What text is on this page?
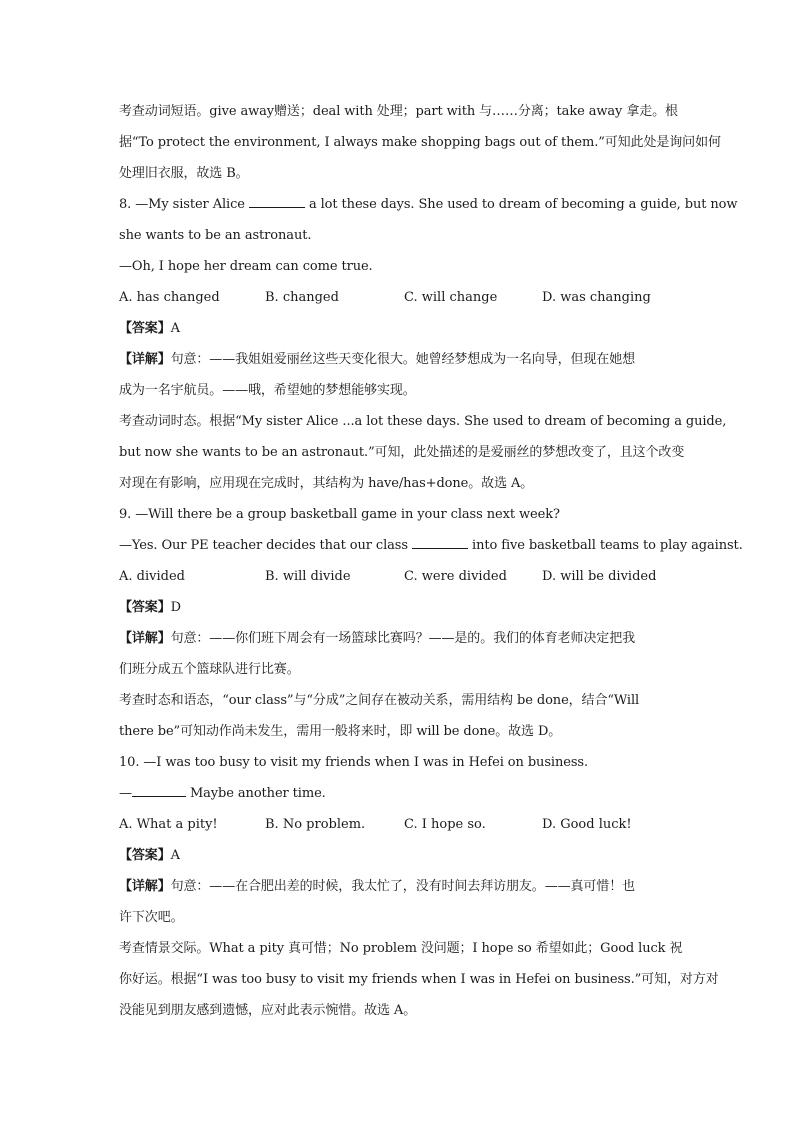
考查动词短语。give away赠送；deal with 处理；part with 与……分离；take away 拿走。根
据“To protect the environment, I always make shopping bags out of them.”可知此处是询问如何
处理旧衣服，故选 B。
8. —My sister Alice	a lot these days. She used to dream of becoming a guide, but now
she wants to be an astronaut.
—Oh, I hope her dream can come true.
A. has changed	B. changed	C. will change	D. was changing
【答案】A
【详解】句意：——我姐姐爱丽丝这些天变化很大。她曾经梦想成为一名向导，但现在她想
成为一名宇航员。——哦，希望她的梦想能够实现。
考查动词时态。根据“My sister Alice ...a lot these days. She used to dream of becoming a guide,
but now she wants to be an astronaut.”可知，此处描述的是爱丽丝的梦想改变了，且这个改变
对现在有影响，应用现在完成时，其结构为 have/has+done。故选 A。
9. —Will there be a group basketball game in your class next week?
—Yes. Our PE teacher decides that our class	into five basketball teams to play against.
A. divided	B. will divide	C. were divided	D. will be divided
【答案】D
【详解】句意：——你们班下周会有一场篮球比赛吗？——是的。我们的体育老师决定把我
们班分成五个篮球队进行比赛。
考查时态和语态，“our class”与“分成”之间存在被动关系，需用结构 be done，结合“Will
there be”可知动作尚未发生，需用一般将来时，即 will be done。故选 D。
10. —I was too busy to visit my friends when I was in Hefei on business.
—	Maybe another time.
A. What a pity!	B. No problem.	C. I hope so.	D. Good luck!
【答案】A
【详解】句意：——在合肥出差的时候，我太忙了，没有时间去拜访朋友。——真可惜！也
许下次吧。
考查情景交际。What a pity 真可惜；No problem 没问题；I hope so 希望如此；Good luck 祝
你好运。根据“I was too busy to visit my friends when I was in Hefei on business.”可知，对方对
没能见到朋友感到遗憾，应对此表示惋惜。故选 A。
